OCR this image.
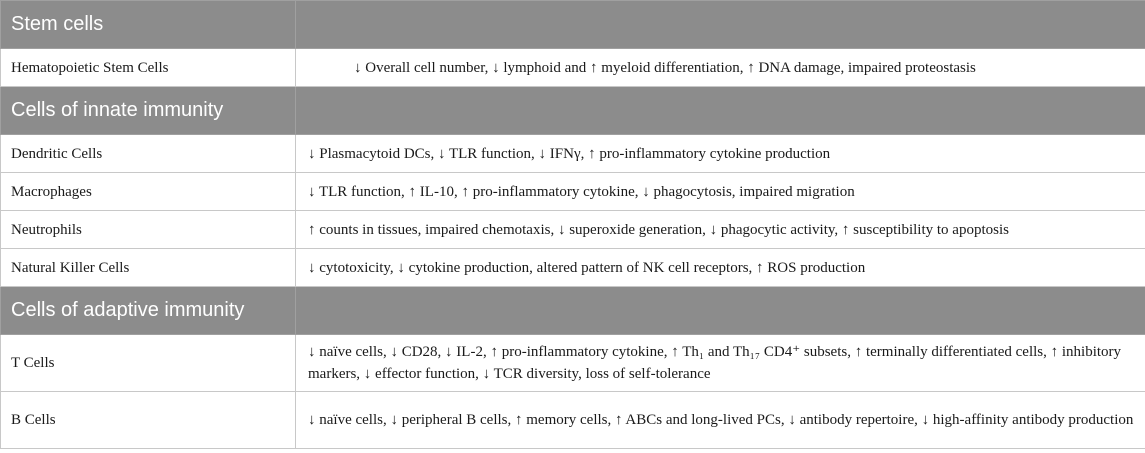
Stem cells	
Hematopoietic Stem Cells	↓ Overall cell number, ↓ lymphoid and ↑ myeloid differentiation, ↑ DNA damage, impaired proteostasis
Cells of innate immunity	
Dendritic Cells	↓ Plasmacytoid DCs, ↓ TLR function, ↓ IFNγ, ↑ pro-inflammatory cytokine production
Macrophages	↓ TLR function, ↑ IL-10, ↑ pro-inflammatory cytokine, ↓ phagocytosis, impaired migration
Neutrophils	↑ counts in tissues, impaired chemotaxis, ↓ superoxide generation, ↓ phagocytic activity, ↑ susceptibility to apoptosis
Natural Killer Cells	↓ cytotoxicity, ↓ cytokine production, altered pattern of NK cell receptors, ↑ ROS production
Cells of adaptive immunity	
T Cells	↓ naïve cells, ↓ CD28, ↓ IL-2, ↑ pro-inflammatory cytokine, ↑ Th₁ and Th₁₇ CD4⁺ subsets, ↑ terminally differentiated cells, ↑ inhibitory markers, ↓ effector function, ↓ TCR diversity, loss of self-tolerance
B Cells	↓ naïve cells, ↓ peripheral B cells, ↑ memory cells, ↑ ABCs and long-lived PCs, ↓ antibody repertoire, ↓ high-affinity antibody production
